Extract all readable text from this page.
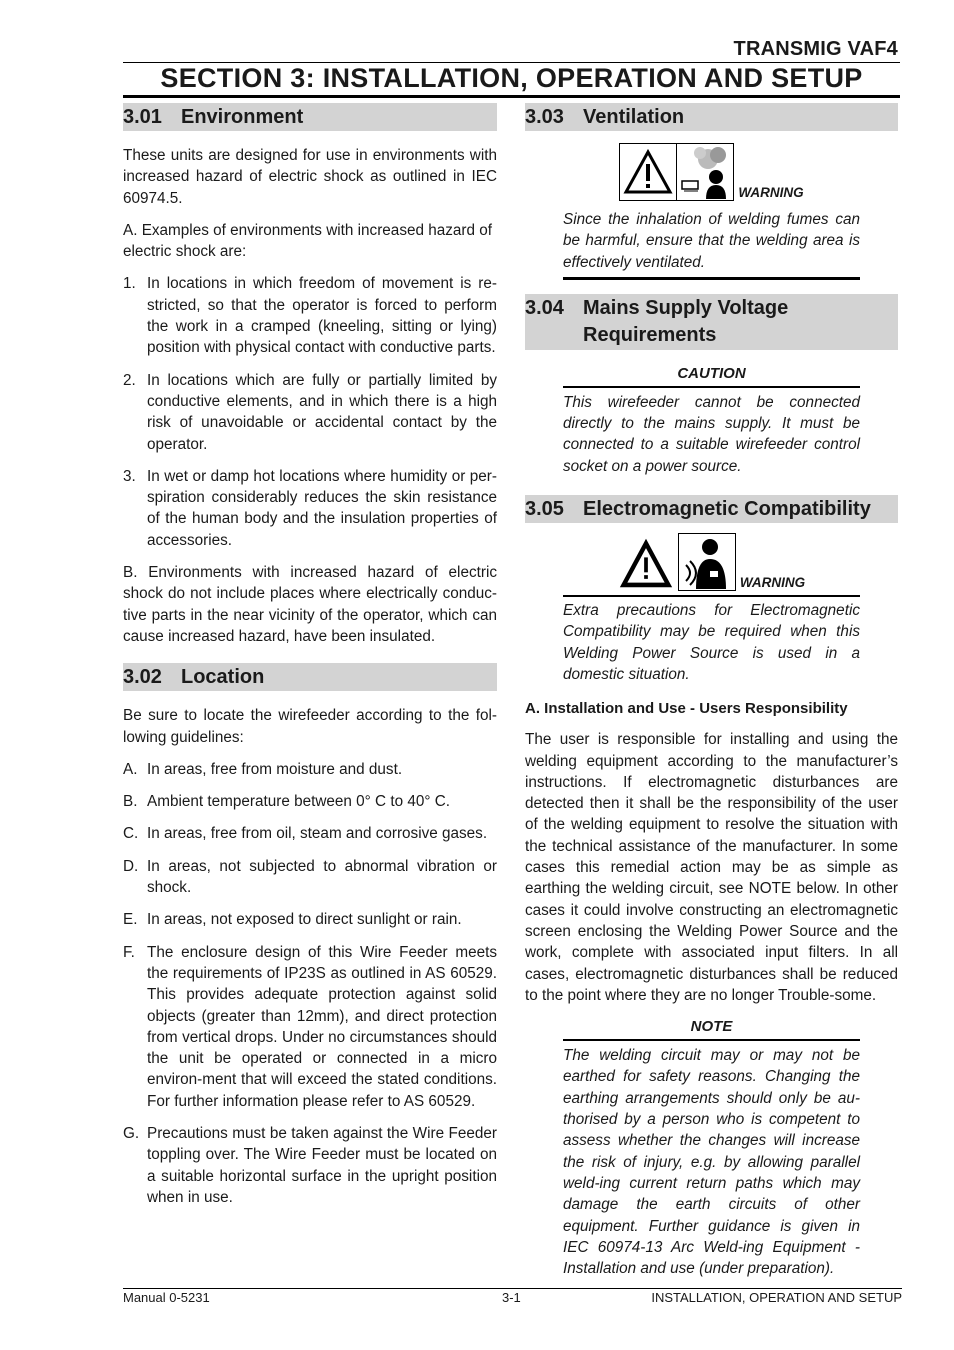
TRANSMIG VAF4
SECTION 3: INSTALLATION, OPERATION AND SETUP
3.01 Environment

These units are designed for use in environments with increased hazard of electric shock as outlined in IEC 60974.5.

A. Examples of environments with increased hazard of electric shock are:

1. In locations in which freedom of movement is re-stricted, so that the operator is forced to perform the work in a cramped (kneeling, sitting or lying) position with physical contact with conductive parts.
2. In locations which are fully or partially limited by conductive elements, and in which there is a high risk of unavoidable or accidental contact by the operator.
3. In wet or damp hot locations where humidity or per-spiration considerably reduces the skin resistance of the human body and the insulation properties of accessories.

B. Environments with increased hazard of electric shock do not include places where electrically conduc-tive parts in the near vicinity of the operator, which can cause increased hazard, have been insulated.

3.02 Location

Be sure to locate the wirefeeder according to the fol-lowing guidelines:

A. In areas, free from moisture and dust.
B. Ambient temperature between 0° C to 40° C.
C. In areas, free from oil, steam and corrosive gases.
D. In areas, not subjected to abnormal vibration or shock.
E. In areas, not exposed to direct sunlight or rain.
F. The enclosure design of this Wire Feeder meets the requirements of IP23S as outlined in AS 60529. This provides adequate protection against solid objects (greater than 12mm), and direct protection from vertical drops. Under no circumstances should the unit be operated or connected in a micro environ-ment that will exceed the stated conditions. For further information please refer to AS 60529.
G. Precautions must be taken against the Wire Feeder toppling over. The Wire Feeder must be located on a suitable horizontal surface in the upright position when in use.
3.03 Ventilation
WARNING
Since the inhalation of welding fumes can be harmful, ensure that the welding area is effectively ventilated.
3.04 Mains Supply Voltage Requirements
CAUTION
This wirefeeder cannot be connected directly to the mains supply. It must be connected to a suitable wirefeeder control socket on a power source.
3.05 Electromagnetic Compatibility
WARNING
Extra precautions for Electromagnetic Compatibility may be required when this Welding Power Source is used in a domestic situation.
A. Installation and Use - Users Responsibility

The user is responsible for installing and using the welding equipment according to the manufacturer’s instructions. If electromagnetic disturbances are detected then it shall be the responsibility of the user of the welding equipment to resolve the situation with the technical assistance of the manufacturer. In some cases this remedial action may be as simple as earthing the welding circuit, see NOTE below. In other cases it could involve constructing an electromagnetic screen enclosing the Welding Power Source and the work, complete with associated input filters. In all cases, electromagnetic disturbances shall be reduced to the point where they are no longer Trouble-some.

NOTE
The welding circuit may or may not be earthed for safety reasons. Changing the earthing arrangements should only be au-thorised by a person who is competent to assess whether the changes will increase the risk of injury, e.g. by allowing parallel weld-ing current return paths which may damage the earth circuits of other equipment. Further guidance is given in IEC 60974-13 Arc Weld-ing Equipment - Installation and use (under preparation).
Manual 0-5231	3-1	INSTALLATION, OPERATION AND SETUP
